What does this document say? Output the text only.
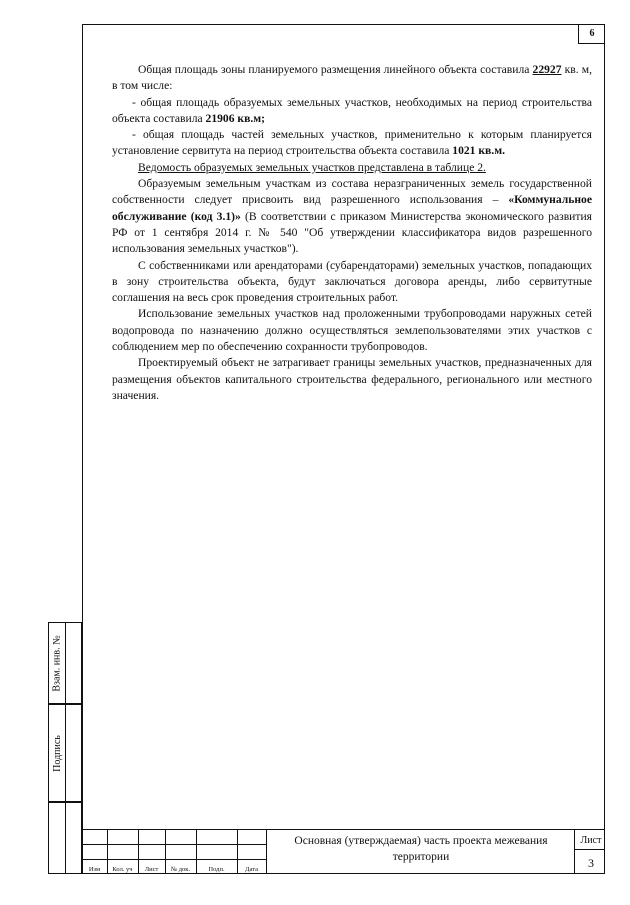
6

Общая площадь зоны планируемого размещения линейного объекта составила 22927 кв. м, в том числе:

- общая площадь образуемых земельных участков, необходимых на период строительства объекта составила 21906 кв.м;

- общая площадь частей земельных участков, применительно к которым планируется установление сервитута на период строительства объекта составила 1021 кв.м.

Ведомость образуемых земельных участков представлена в таблице 2.

Образуемым земельным участкам из состава неразграниченных земель государственной собственности следует присвоить вид разрешенного использования – «Коммунальное обслуживание (код 3.1)» (В соответствии с приказом Министерства экономического развития РФ от 1 сентября 2014 г. № 540 "Об утверждении классификатора видов разрешенного использования земельных участков").

С собственниками или арендаторами (субарендаторами) земельных участков, попадающих в зону строительства объекта, будут заключаться договора аренды, либо сервитутные соглашения на весь срок проведения строительных работ.

Использование земельных участков над проложенными трубопроводами наружных сетей водопровода по назначению должно осуществляться землепользователями этих участков с соблюдением мер по обеспечению сохранности трубопроводов.

Проектируемый объект не затрагивает границы земельных участков, предназначенных для размещения объектов капитального строительства федерального, регионального или местного значения.

Взам. инв. №
Подпись
Изм	Кол. уч	Лист	№ док.	Подп.	Дата
Основная (утверждаемая) часть проекта межевания территории
Лист
3
